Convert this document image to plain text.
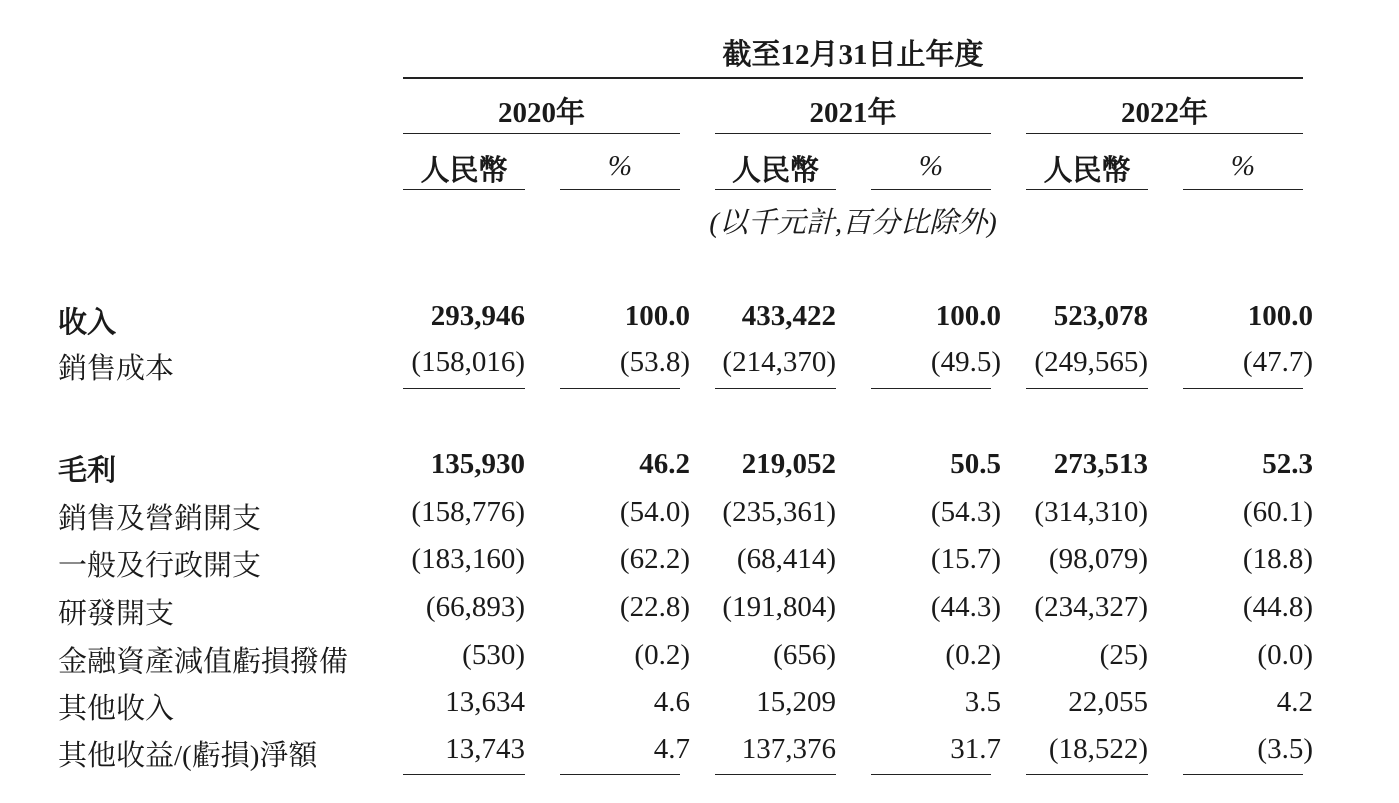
截至12月31日止年度
2020年	2021年	2022年
人民幣	%	人民幣	%	人民幣	%
(以千元計,百分比除外)
收入	293,946	100.0	433,422	100.0	523,078	100.0
銷售成本	(158,016)	(53.8)	(214,370)	(49.5)	(249,565)	(47.7)
毛利	135,930	46.2	219,052	50.5	273,513	52.3
銷售及營銷開支	(158,776)	(54.0)	(235,361)	(54.3)	(314,310)	(60.1)
一般及行政開支	(183,160)	(62.2)	(68,414)	(15.7)	(98,079)	(18.8)
研發開支	(66,893)	(22.8)	(191,804)	(44.3)	(234,327)	(44.8)
金融資產減值虧損撥備	(530)	(0.2)	(656)	(0.2)	(25)	(0.0)
其他收入	13,634	4.6	15,209	3.5	22,055	4.2
其他收益/(虧損)淨額	13,743	4.7	137,376	31.7	(18,522)	(3.5)
